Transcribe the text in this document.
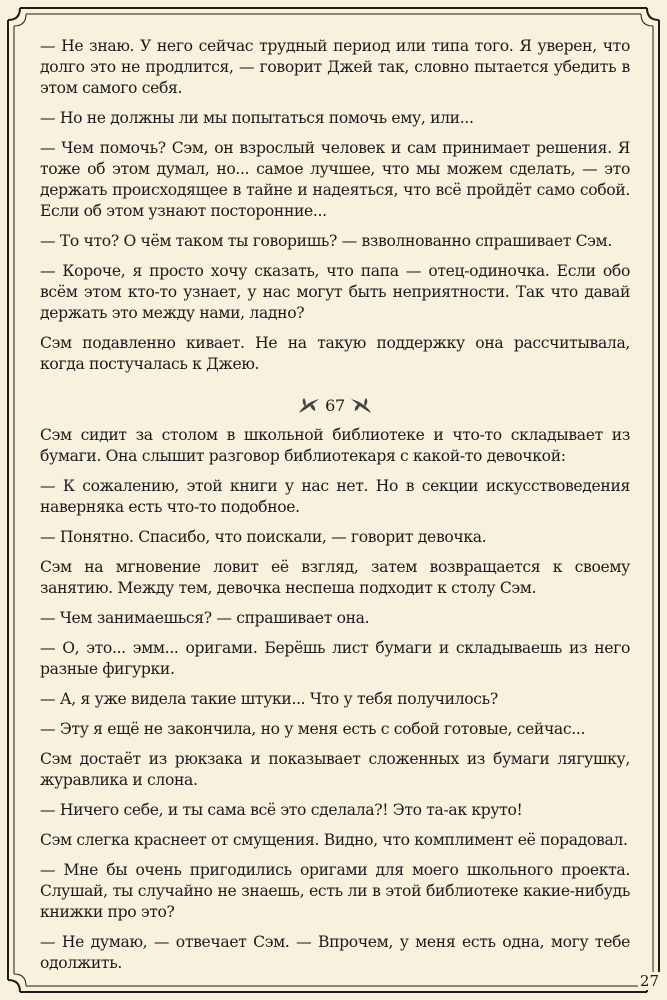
— Не знаю. У него сейчас трудный период или типа того. Я уверен, что долго это не продлится, — говорит Джей так, словно пытается убедить в этом самого себя.

— Но не должны ли мы попытаться помочь ему, или...

— Чем помочь? Сэм, он взрослый человек и сам принимает решения. Я тоже об этом думал, но... самое лучшее, что мы можем сделать, — это держать происходящее в тайне и надеяться, что всё пройдёт само собой. Если об этом узнают посторонние...

— То что? О чём таком ты говоришь? — взволнованно спрашивает Сэм.

— Короче, я просто хочу сказать, что папа — отец-одиночка. Если обо всём этом кто-то узнает, у нас могут быть неприятности. Так что давай держать это между нами, ладно?

Сэм подавленно кивает. Не на такую поддержку она рассчитывала, когда постучалась к Джею.

67

Сэм сидит за столом в школьной библиотеке и что-то складывает из бумаги. Она слышит разговор библиотекаря с какой-то девочкой:

— К сожалению, этой книги у нас нет. Но в секции искусствоведения наверняка есть что-то подобное.

— Понятно. Спасибо, что поискали, — говорит девочка.

Сэм на мгновение ловит её взгляд, затем возвращается к своему занятию. Между тем, девочка неспеша подходит к столу Сэм.

— Чем занимаешься? — спрашивает она.

— О, это... эмм... оригами. Берёшь лист бумаги и складываешь из него разные фигурки.

— А, я уже видела такие штуки... Что у тебя получилось?

— Эту я ещё не закончила, но у меня есть с собой готовые, сейчас...

Сэм достаёт из рюкзака и показывает сложенных из бумаги лягушку, журавлика и слона.

— Ничего себе, и ты сама всё это сделала?! Это та-ак круто!

Сэм слегка краснеет от смущения. Видно, что комплимент её порадовал.

— Мне бы очень пригодились оригами для моего школьного проекта. Слушай, ты случайно не знаешь, есть ли в этой библиотеке какие-нибудь книжки про это?

— Не думаю, — отвечает Сэм. — Впрочем, у меня есть одна, могу тебе одолжить.

27
